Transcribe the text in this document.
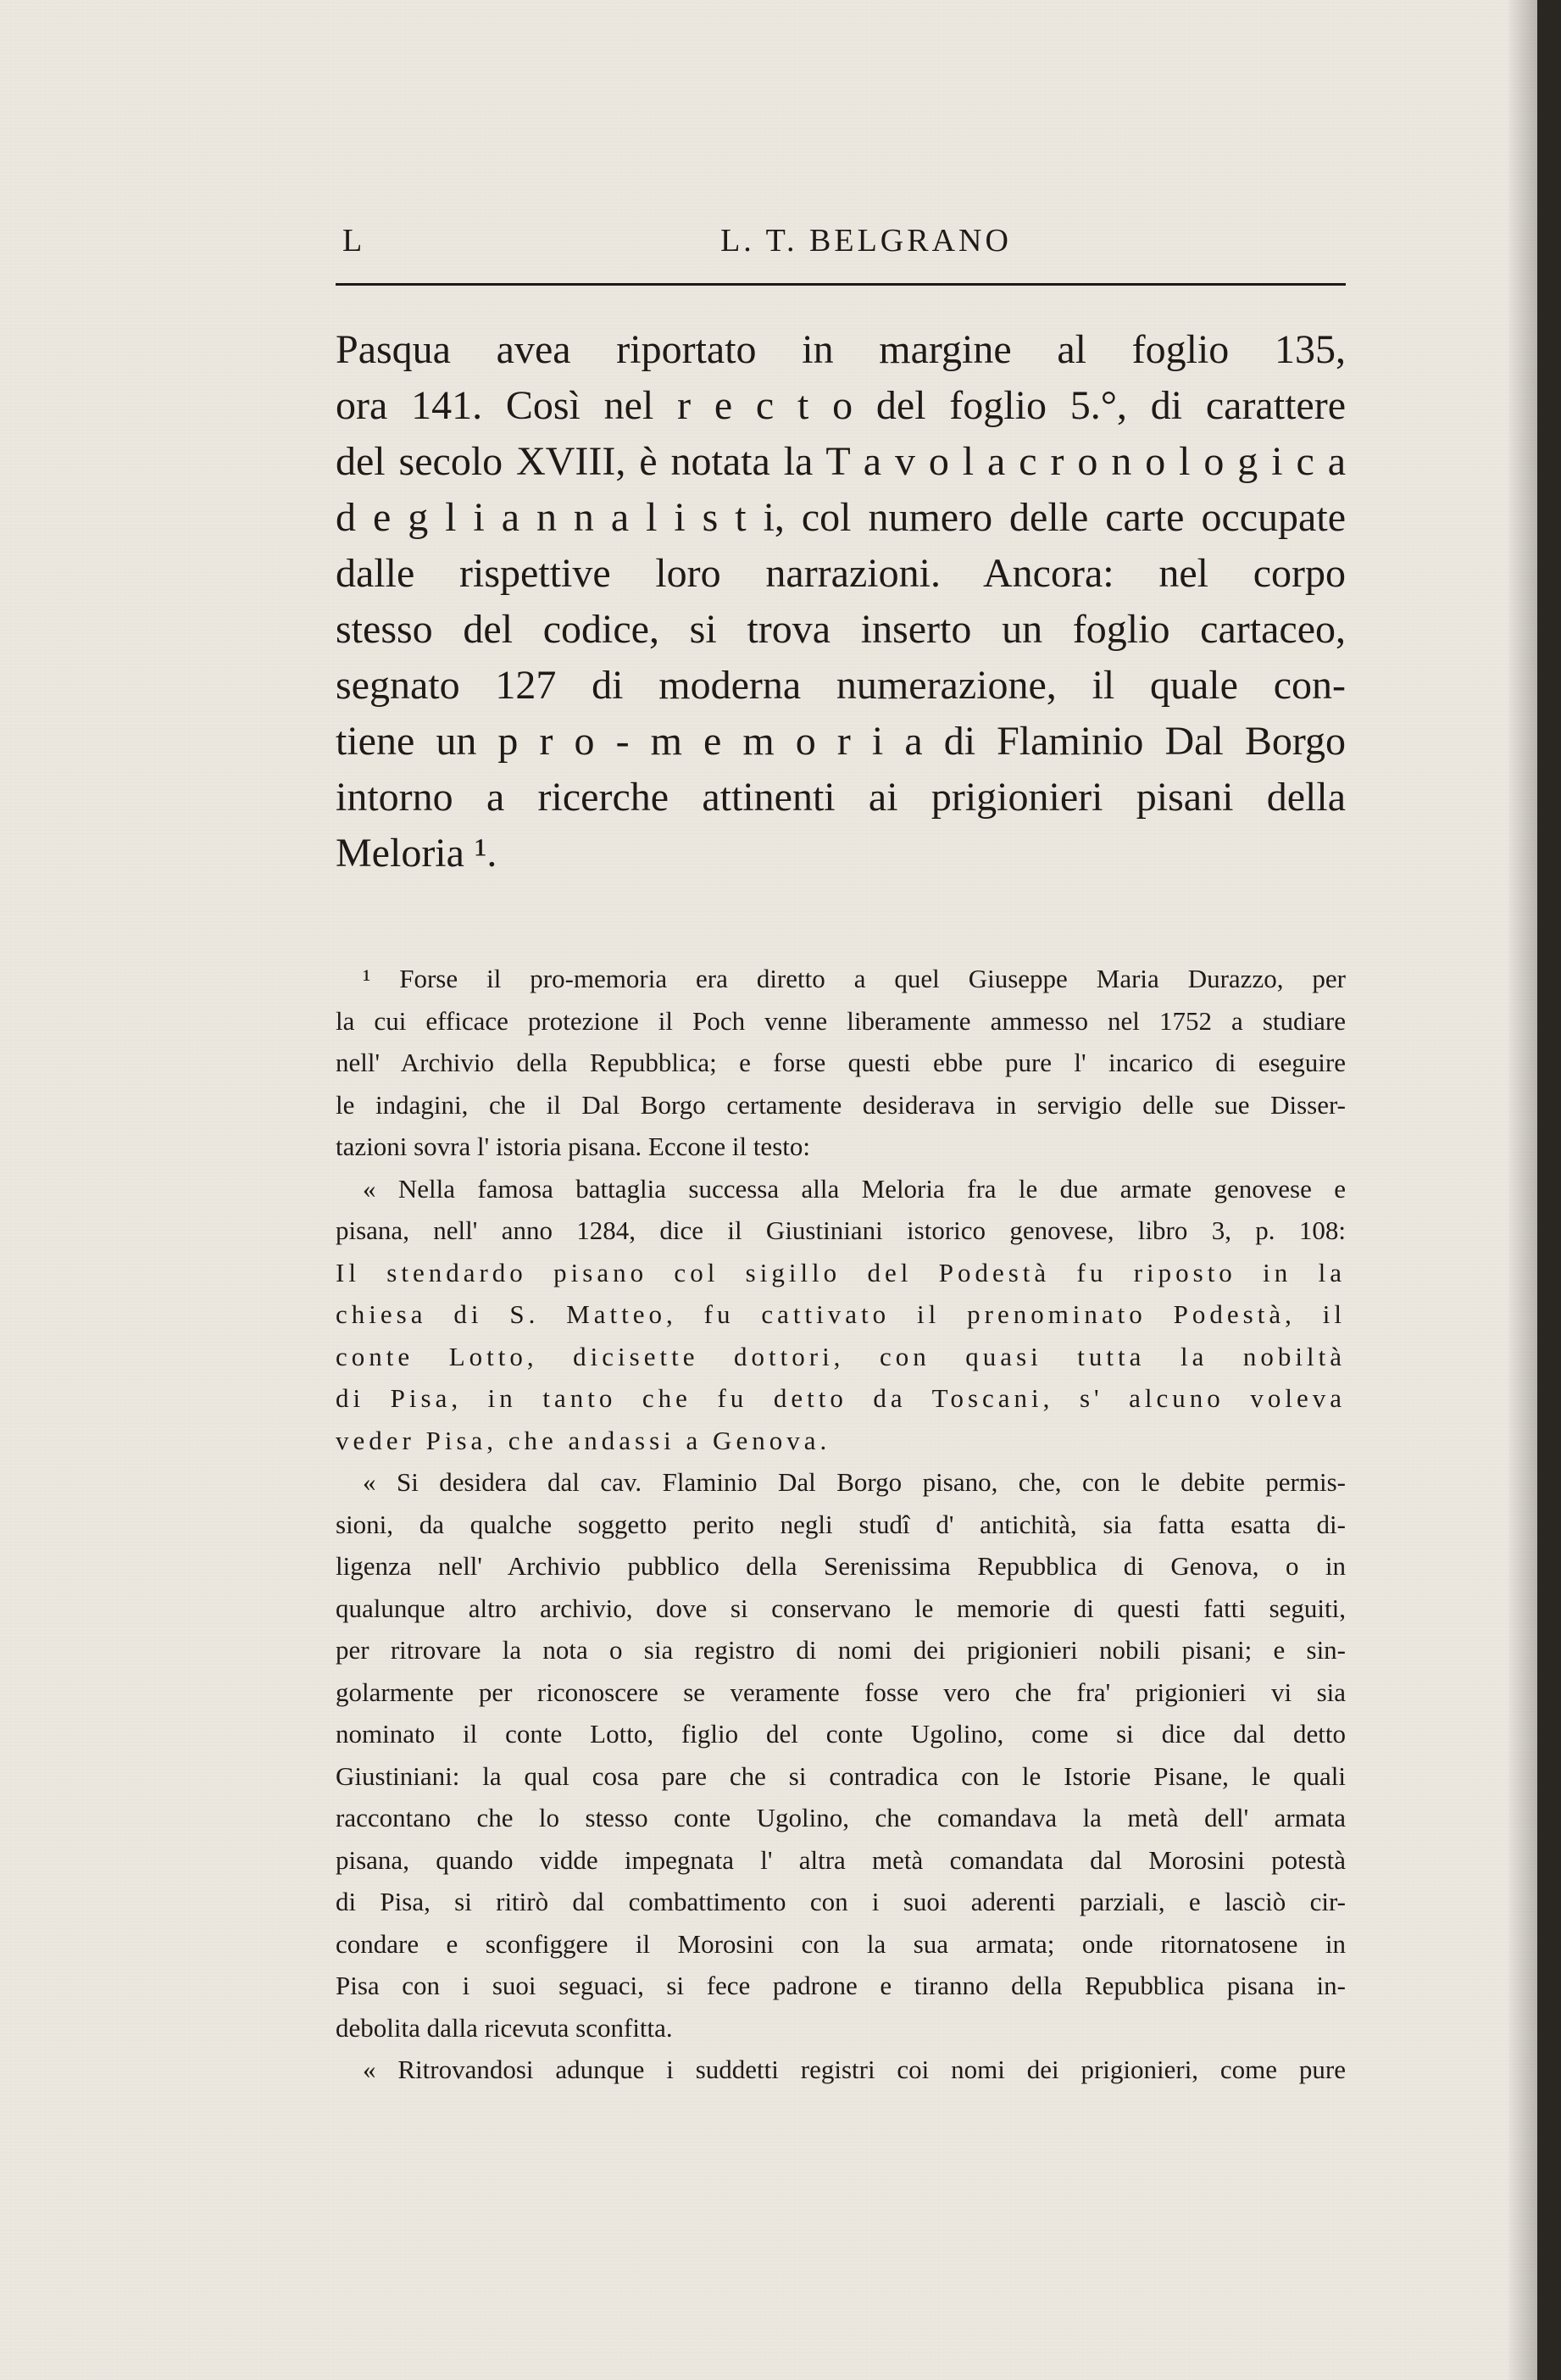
L	L. T. BELGRANO
Pasqua avea riportato in margine al foglio 135,
ora 141. Così nel r e c t o del foglio 5.°, di carattere
del secolo XVIII, è notata la T a v o l a c r o n o l o g i c a
d e g l i a n n a l i s t i, col numero delle carte occupate
dalle rispettive loro narrazioni. Ancora: nel corpo
stesso del codice, si trova inserto un foglio cartaceo,
segnato 127 di moderna numerazione, il quale con-
tiene un p r o - m e m o r i a di Flaminio Dal Borgo
intorno a ricerche attinenti ai prigionieri pisani della
Meloria ¹.
¹ Forse il pro-memoria era diretto a quel Giuseppe Maria Durazzo, per
la cui efficace protezione il Poch venne liberamente ammesso nel 1752 a studiare
nell' Archivio della Repubblica; e forse questi ebbe pure l' incarico di eseguire
le indagini, che il Dal Borgo certamente desiderava in servigio delle sue Disser-
tazioni sovra l' istoria pisana. Eccone il testo:
« Nella famosa battaglia successa alla Meloria fra le due armate genovese e
pisana, nell' anno 1284, dice il Giustiniani istorico genovese, libro 3, p. 108:
Il stendardo pisano col sigillo del Podestà fu riposto in la
chiesa di S. Matteo, fu cattivato il prenominato Podestà, il
conte Lotto, dicisette dottori, con quasi tutta la nobiltà
di Pisa, in tanto che fu detto da Toscani, s' alcuno voleva
veder Pisa, che andassi a Genova.
« Si desidera dal cav. Flaminio Dal Borgo pisano, che, con le debite permis-
sioni, da qualche soggetto perito negli studî d' antichità, sia fatta esatta di-
ligenza nell' Archivio pubblico della Serenissima Repubblica di Genova, o in
qualunque altro archivio, dove si conservano le memorie di questi fatti seguiti,
per ritrovare la nota o sia registro di nomi dei prigionieri nobili pisani; e sin-
golarmente per riconoscere se veramente fosse vero che fra' prigionieri vi sia
nominato il conte Lotto, figlio del conte Ugolino, come si dice dal detto
Giustiniani: la qual cosa pare che si contradica con le Istorie Pisane, le quali
raccontano che lo stesso conte Ugolino, che comandava la metà dell' armata
pisana, quando vidde impegnata l' altra metà comandata dal Morosini potestà
di Pisa, si ritirò dal combattimento con i suoi aderenti parziali, e lasciò cir-
condare e sconfiggere il Morosini con la sua armata; onde ritornatosene in
Pisa con i suoi seguaci, si fece padrone e tiranno della Repubblica pisana in-
debolita dalla ricevuta sconfitta.
« Ritrovandosi adunque i suddetti registri coi nomi dei prigionieri, come pure
